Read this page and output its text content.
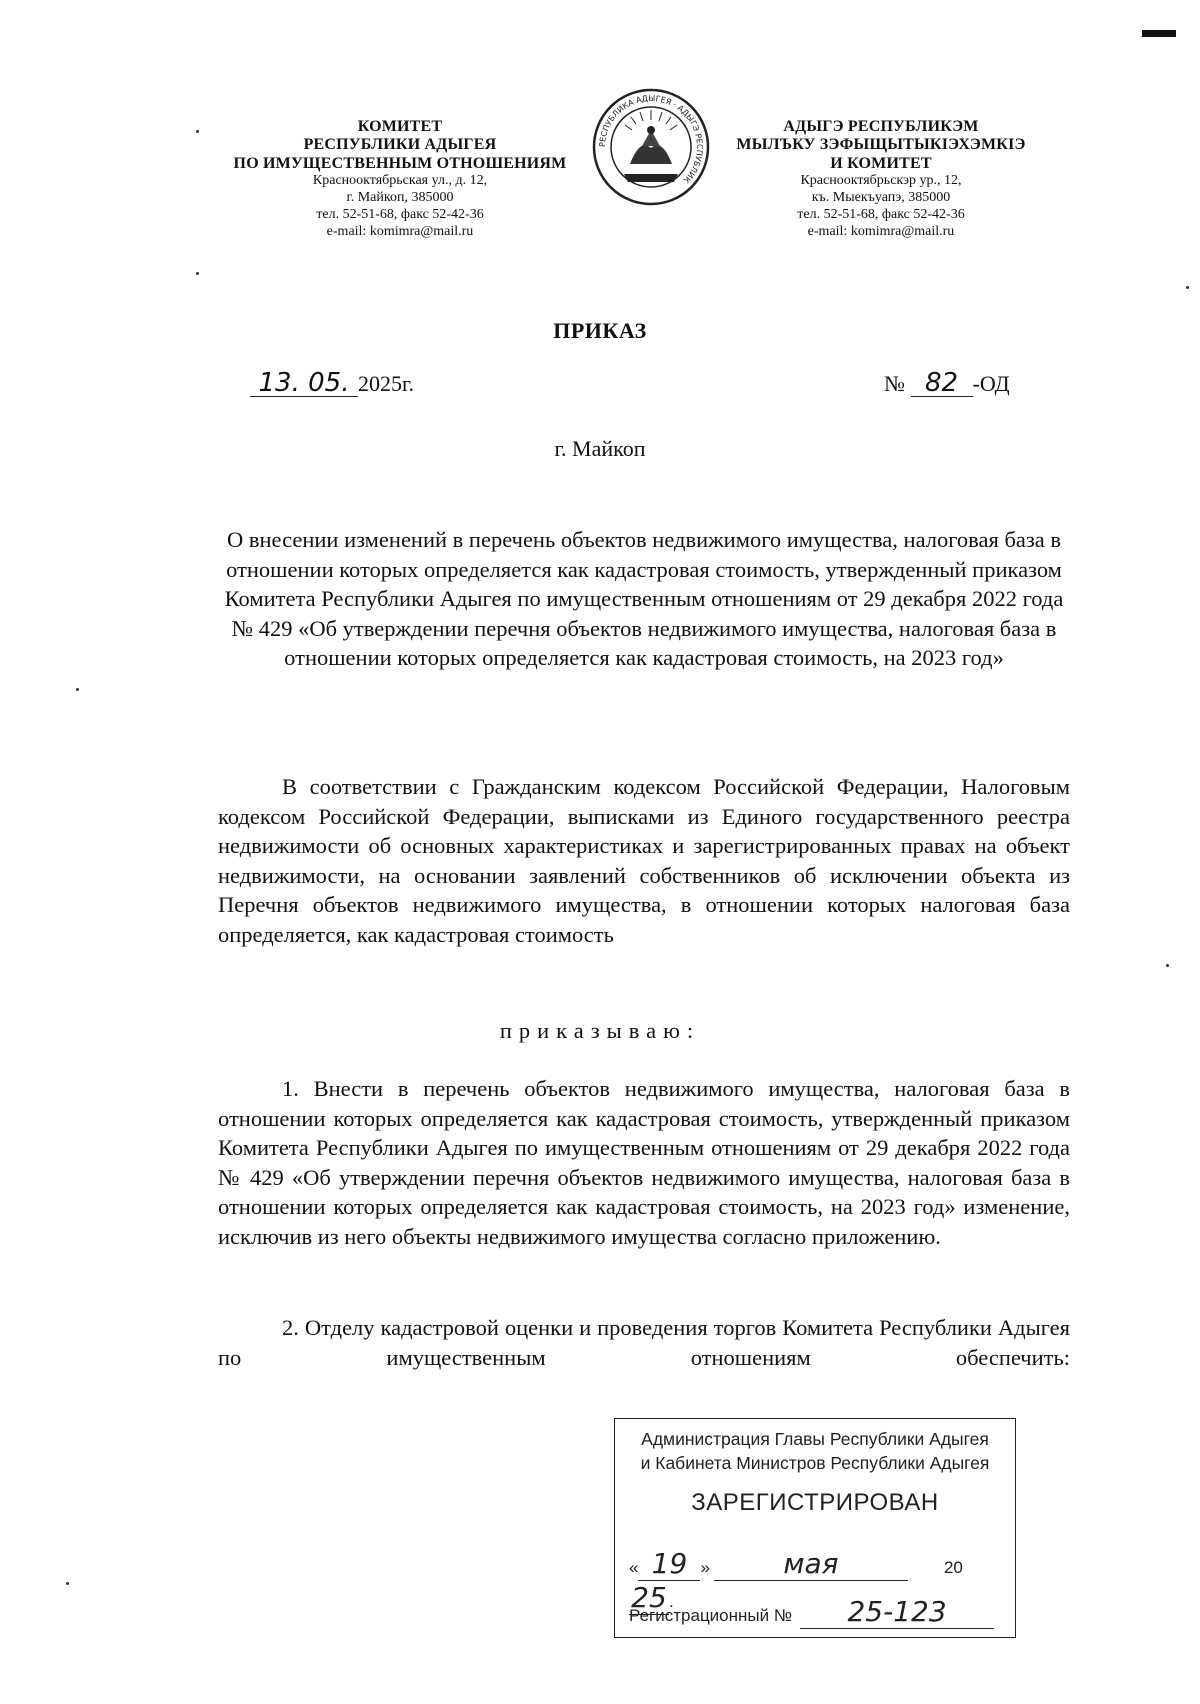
КОМИТЕТ

РЕСПУБЛИКИ АДЫГЕЯ

ПО ИМУЩЕСТВЕННЫМ ОТНОШЕНИЯМ

Краснооктябрьская ул., д. 12,

г. Майкоп, 385000

тел. 52-51-68, факс 52-42-36

e-mail: komimra@mail.ru

РЕСПУБЛИКА АДЫГЕЯ · АДЫГЭ РЕСПУБЛИК

АДЫГЭ РЕСПУБЛИКЭМ

МЫЛЪКУ ЗЭФЫЩЫТЫКIЭХЭМКIЭ

И КОМИТЕТ

Краснооктябрьскэр ур., 12,

къ. Мыекъуапэ, 385000

тел. 52-51-68, факс 52-42-36

e-mail: komimra@mail.ru

ПРИКАЗ
13. 05. 2025г.	№ 82 -ОД
г. Майкоп

О внесении изменений в перечень объектов недвижимого имущества, налоговая база в отношении которых определяется как кадастровая стоимость, утвержденный приказом Комитета Республики Адыгея по имущественным отношениям от 29 декабря 2022 года № 429 «Об утверждении перечня объектов недвижимого имущества, налоговая база в отношении которых определяется как кадастровая стоимость, на 2023 год»

В соответствии с Гражданским кодексом Российской Федерации, Налоговым кодексом Российской Федерации, выписками из Единого государственного реестра недвижимости об основных характеристиках и зарегистрированных правах на объект недвижимости, на основании заявлений собственников об исключении объекта из Перечня объектов недвижимого имущества, в отношении которых налоговая база определяется, как кадастровая стоимость

приказываю:

1. Внести в перечень объектов недвижимого имущества, налоговая база в отношении которых определяется как кадастровая стоимость, утвержденный приказом Комитета Республики Адыгея по имущественным отношениям от 29 декабря 2022 года № 429 «Об утверждении перечня объектов недвижимого имущества, налоговая база в отношении которых определяется как кадастровая стоимость, на 2023 год» изменение, исключив из него объекты недвижимого имущества согласно приложению.

2. Отделу кадастровой оценки и проведения торгов Комитета Республики Адыгея по имущественным отношениям обеспечить:

Администрация Главы Республики Адыгея
и Кабинета Министров Республики Адыгея
ЗАРЕГИСТРИРОВАН
« 19 »	мая	2025 .
Регистрационный № 25-123
